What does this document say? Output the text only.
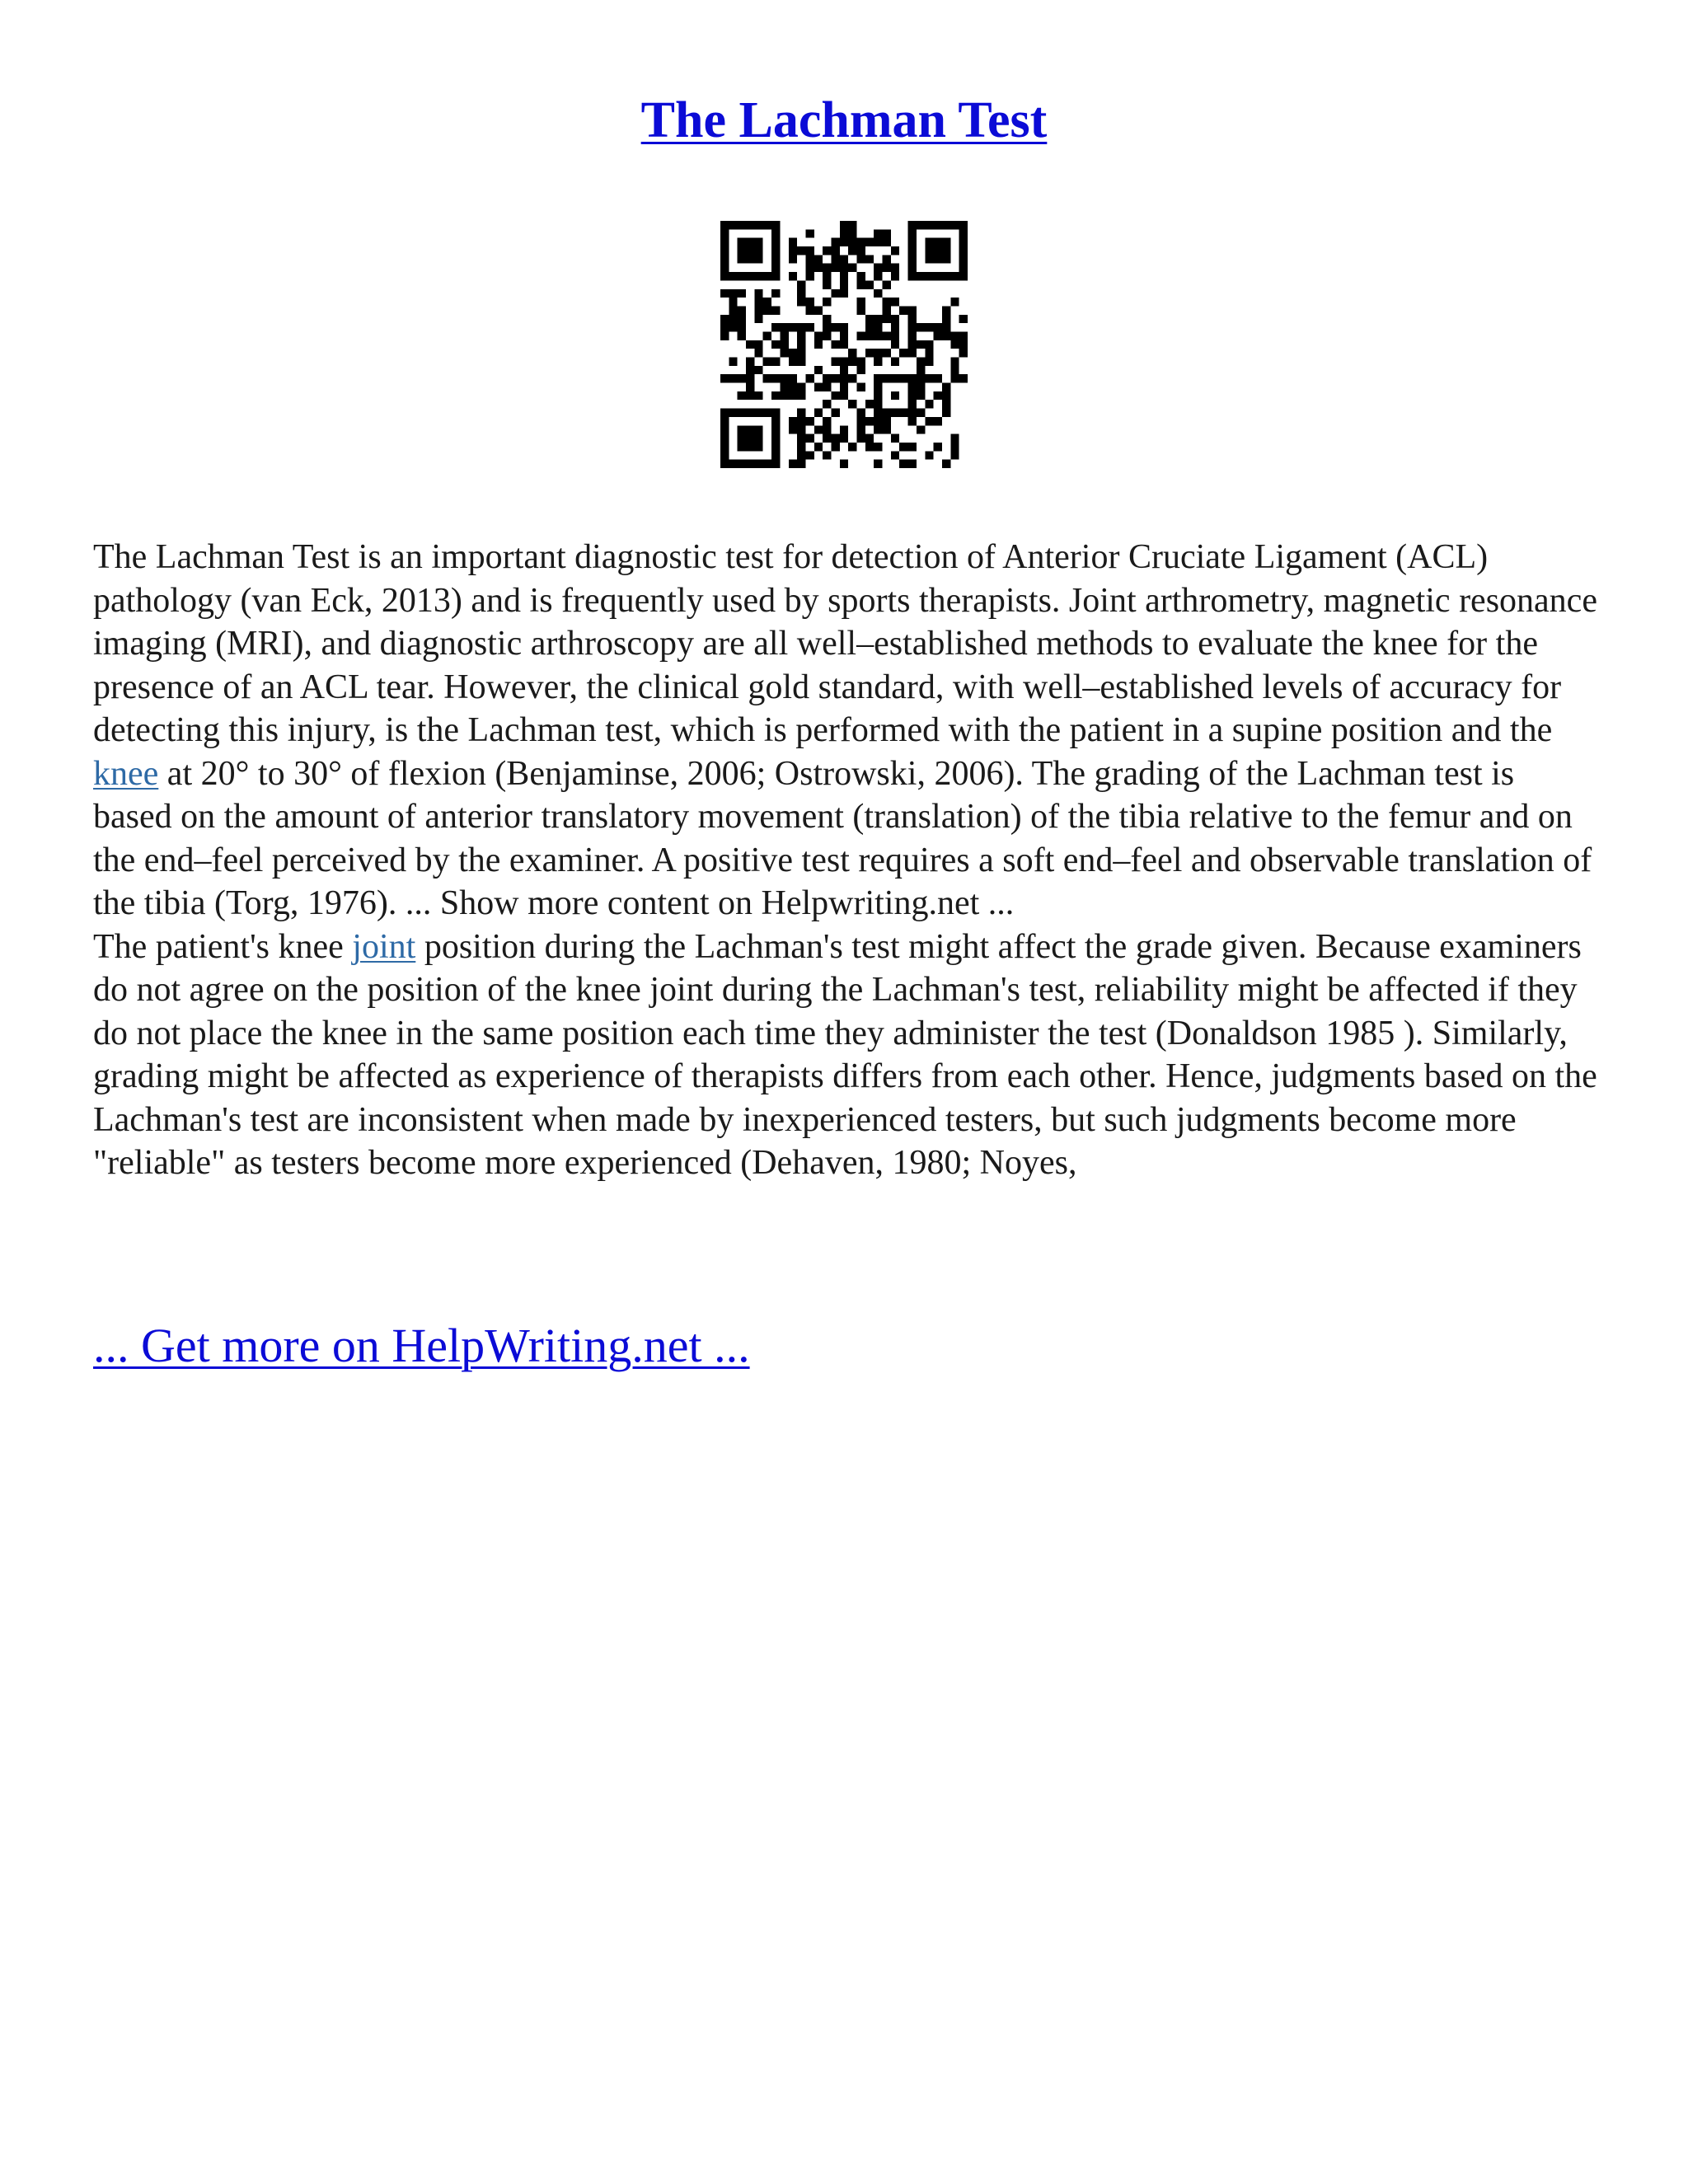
The Lachman Test

The Lachman Test is an important diagnostic test for detection of Anterior Cruciate Ligament (ACL) pathology (van Eck, 2013) and is frequently used by sports therapists. Joint arthrometry, magnetic resonance imaging (MRI), and diagnostic arthroscopy are all well–established methods to evaluate the knee for the presence of an ACL tear. However, the clinical gold standard, with well–established levels of accuracy for detecting this injury, is the Lachman test, which is performed with the patient in a supine position and the knee at 20° to 30° of flexion (Benjaminse, 2006; Ostrowski, 2006). The grading of the Lachman test is based on the amount of anterior translatory movement (translation) of the tibia relative to the femur and on the end–feel perceived by the examiner. A positive test requires a soft end–feel and observable translation of the tibia (Torg, 1976). ... Show more content on Helpwriting.net ...

The patient's knee joint position during the Lachman's test might affect the grade given. Because examiners do not agree on the position of the knee joint during the Lachman's test, reliability might be affected if they do not place the knee in the same position each time they administer the test (Donaldson 1985 ). Similarly, grading might be affected as experience of therapists differs from each other. Hence, judgments based on the Lachman's test are inconsistent when made by inexperienced testers, but such judgments become more "reliable" as testers become more experienced (Dehaven, 1980; Noyes,

... Get more on HelpWriting.net ...
